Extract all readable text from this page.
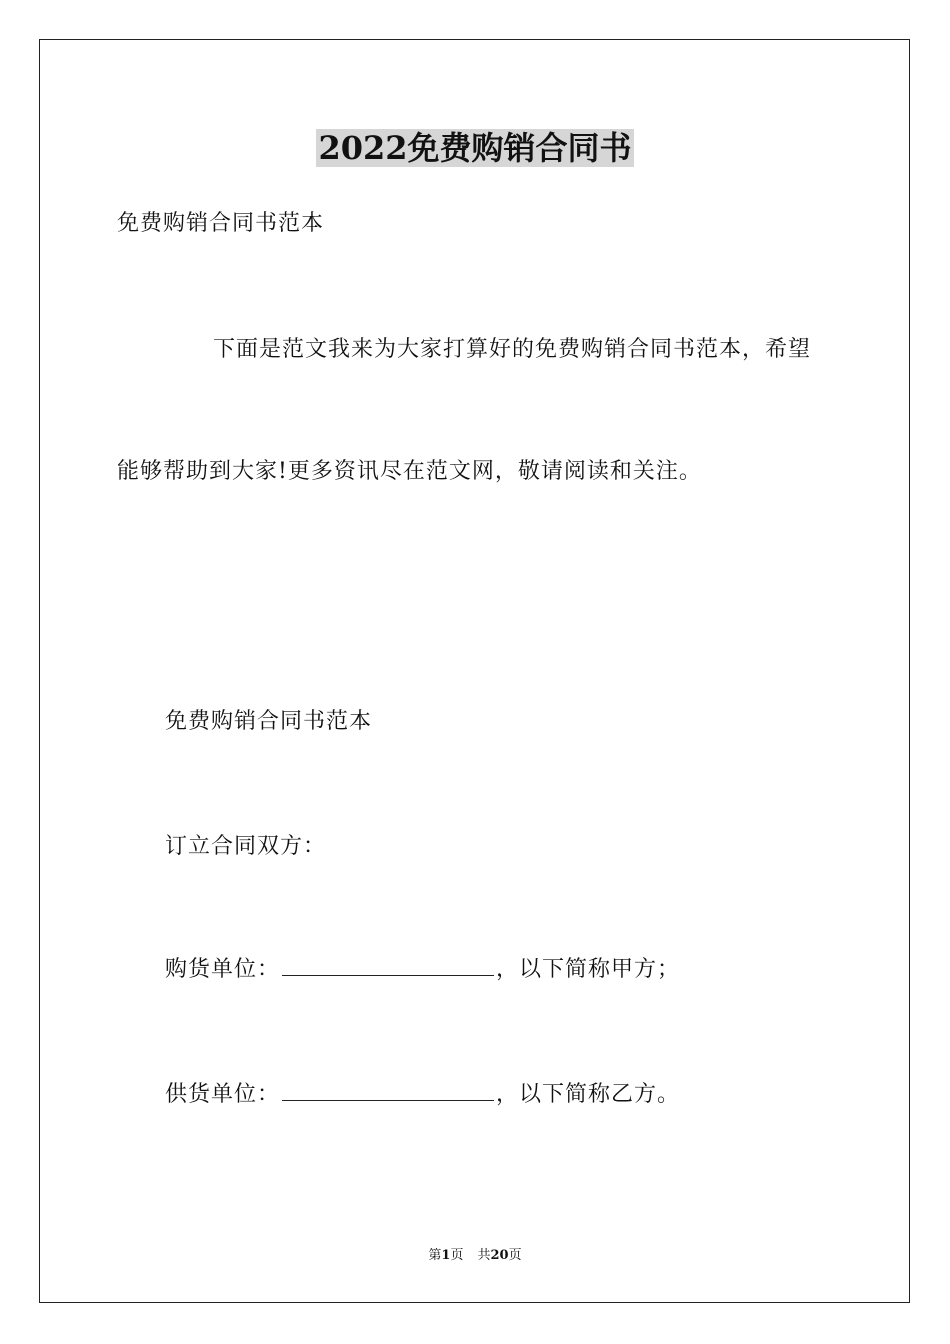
2022免费购销合同书
免费购销合同书范本
下面是范文我来为大家打算好的免费购销合同书范本，希望
能够帮助到大家!更多资讯尽在范文网，敬请阅读和关注。
免费购销合同书范本
订立合同双方：
购货单位：	，以下简称甲方；
供货单位：	，以下简称乙方。
第1页 共20页
